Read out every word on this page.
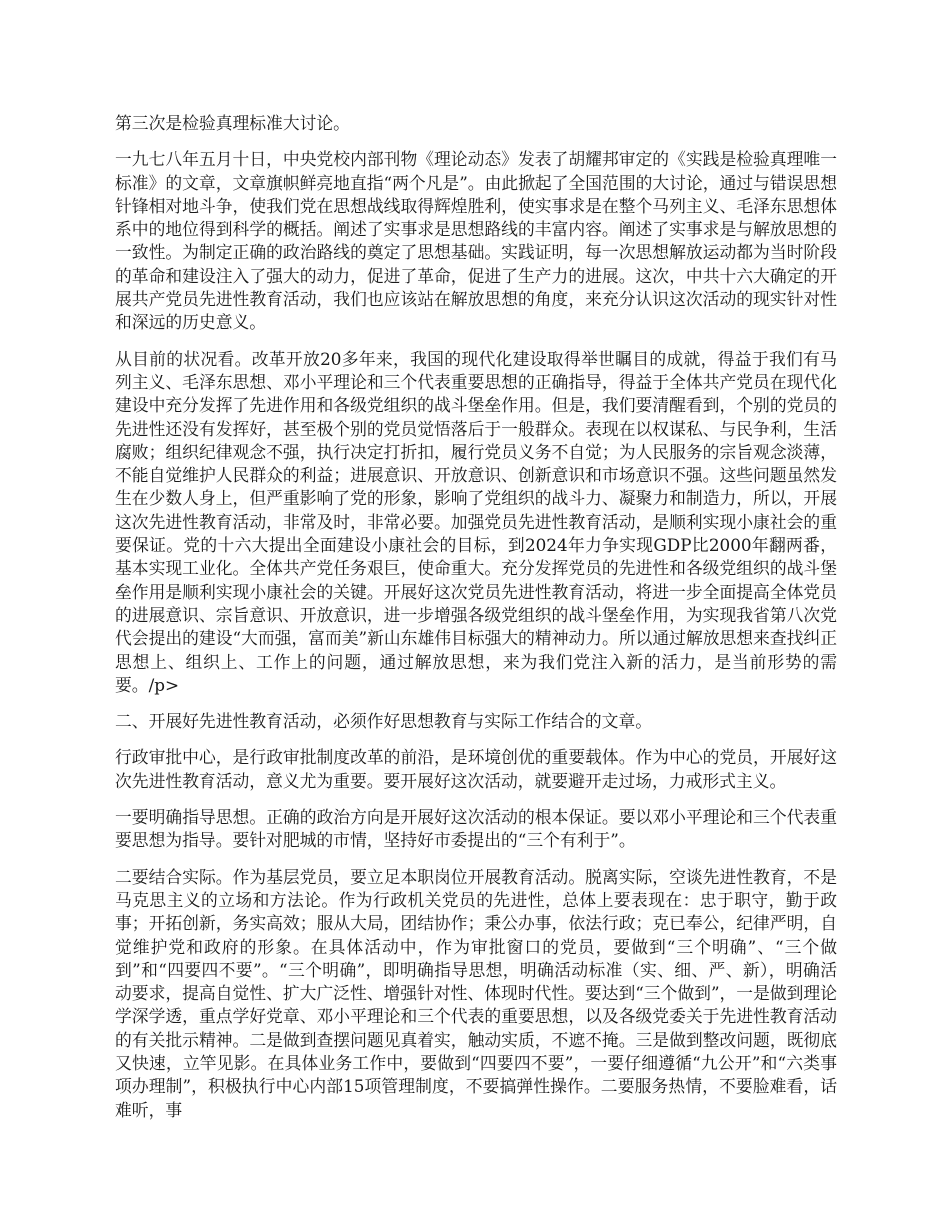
第三次是检验真理标准大讨论。

一九七八年五月十日，中央党校内部刊物《理论动态》发表了胡耀邦审定的《实践是检验真理唯一标准》的文章，文章旗帜鲜亮地直指“两个凡是”。由此掀起了全国范围的大讨论，通过与错误思想针锋相对地斗争，使我们党在思想战线取得辉煌胜利，使实事求是在整个马列主义、毛泽东思想体系中的地位得到科学的概括。阐述了实事求是思想路线的丰富内容。阐述了实事求是与解放思想的一致性。为制定正确的政治路线的奠定了思想基础。实践证明，每一次思想解放运动都为当时阶段的革命和建设注入了强大的动力，促进了革命，促进了生产力的进展。这次，中共十六大确定的开展共产党员先进性教育活动，我们也应该站在解放思想的角度，来充分认识这次活动的现实针对性和深远的历史意义。

从目前的状况看。改革开放20多年来，我国的现代化建设取得举世瞩目的成就，得益于我们有马列主义、毛泽东思想、邓小平理论和三个代表重要思想的正确指导，得益于全体共产党员在现代化建设中充分发挥了先进作用和各级党组织的战斗堡垒作用。但是，我们要清醒看到，个别的党员的先进性还没有发挥好，甚至极个别的党员觉悟落后于一般群众。表现在以权谋私、与民争利，生活腐败；组织纪律观念不强，执行决定打折扣，履行党员义务不自觉；为人民服务的宗旨观念淡薄，不能自觉维护人民群众的利益；进展意识、开放意识、创新意识和市场意识不强。这些问题虽然发生在少数人身上，但严重影响了党的形象，影响了党组织的战斗力、凝聚力和制造力，所以，开展这次先进性教育活动，非常及时，非常必要。加强党员先进性教育活动，是顺利实现小康社会的重要保证。党的十六大提出全面建设小康社会的目标，到2024年力争实现GDP比2000年翻两番，基本实现工业化。全体共产党任务艰巨，使命重大。充分发挥党员的先进性和各级党组织的战斗堡垒作用是顺利实现小康社会的关键。开展好这次党员先进性教育活动，将进一步全面提高全体党员的进展意识、宗旨意识、开放意识，进一步增强各级党组织的战斗堡垒作用，为实现我省第八次党代会提出的建设“大而强，富而美”新山东雄伟目标强大的精神动力。所以通过解放思想来查找纠正思想上、组织上、工作上的问题，通过解放思想，来为我们党注入新的活力，是当前形势的需要。/p>

二、开展好先进性教育活动，必须作好思想教育与实际工作结合的文章。

行政审批中心，是行政审批制度改革的前沿，是环境创优的重要载体。作为中心的党员，开展好这次先进性教育活动，意义尤为重要。要开展好这次活动，就要避开走过场，力戒形式主义。

一要明确指导思想。正确的政治方向是开展好这次活动的根本保证。要以邓小平理论和三个代表重要思想为指导。要针对肥城的市情，坚持好市委提出的“三个有利于”。

二要结合实际。作为基层党员，要立足本职岗位开展教育活动。脱离实际，空谈先进性教育，不是马克思主义的立场和方法论。作为行政机关党员的先进性，总体上要表现在：忠于职守，勤于政事；开拓创新，务实高效；服从大局，团结协作；秉公办事，依法行政；克已奉公，纪律严明，自觉维护党和政府的形象。在具体活动中，作为审批窗口的党员，要做到“三个明确”、“三个做到”和“四要四不要”。“三个明确”，即明确指导思想，明确活动标准（实、细、严、新），明确活动要求，提高自觉性、扩大广泛性、增强针对性、体现时代性。要达到“三个做到”，一是做到理论学深学透，重点学好党章、邓小平理论和三个代表的重要思想，以及各级党委关于先进性教育活动的有关批示精神。二是做到查摆问题见真着实，触动实质，不遮不掩。三是做到整改问题，既彻底又快速，立竿见影。在具体业务工作中，要做到“四要四不要”，一要仔细遵循“九公开”和“六类事项办理制”，积极执行中心内部15项管理制度，不要搞弹性操作。二要服务热情，不要脸难看，话难听，事
